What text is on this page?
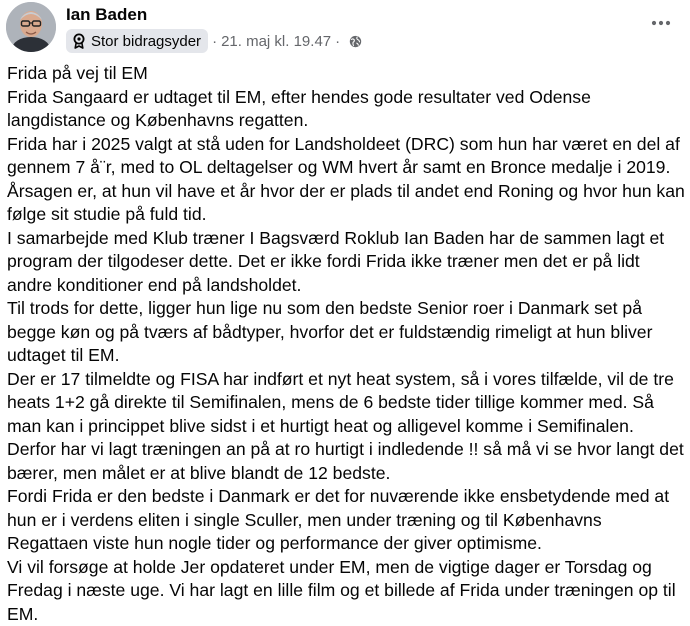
Ian Baden
Stor bidragsyder · 21. maj kl. 19.47 ·

Frida på vej til EM

Frida Sangaard er udtaget til EM, efter hendes gode resultater ved Odense langdistance og Københavns regatten.

Frida har i 2025 valgt at stå uden for Landsholdeet (DRC) som hun har været en del af gennem 7 å¨r, med to OL deltagelser og WM hvert år samt en Bronce medalje i 2019.

Årsagen er, at hun vil have et år hvor der er plads til andet end Roning og hvor hun kan følge sit studie på fuld tid.

I samarbejde med Klub træner I Bagsværd Roklub Ian Baden har de sammen lagt et program der tilgodeser dette. Det er ikke fordi Frida ikke træner men det er på lidt andre konditioner end på landsholdet.

Til trods for dette, ligger hun lige nu som den bedste Senior roer i Danmark set på begge køn og på tværs af bådtyper, hvorfor det er fuldstændig rimeligt at hun bliver udtaget til EM.

Der er 17 tilmeldte og FISA har indført et nyt heat system, så i vores tilfælde, vil de tre heats 1+2 gå direkte til Semifinalen, mens de 6 bedste tider tillige kommer med. Så man kan i princippet blive sidst i et hurtigt heat og alligevel komme i Semifinalen.

Derfor har vi lagt træningen an på at ro hurtigt i indledende !! så må vi se hvor langt det bærer, men målet er at blive blandt de 12 bedste.

Fordi Frida er den bedste i Danmark er det for nuværende ikke ensbetydende med at hun er i verdens eliten i single Sculler, men under træning og til Københavns Regattaen viste hun nogle tider og performance der giver optimisme.

Vi vil forsøge at holde Jer opdateret under EM, men de vigtige dager er Torsdag og Fredag i næste uge. Vi har lagt en lille film og et billede af Frida under træningen op til EM.
